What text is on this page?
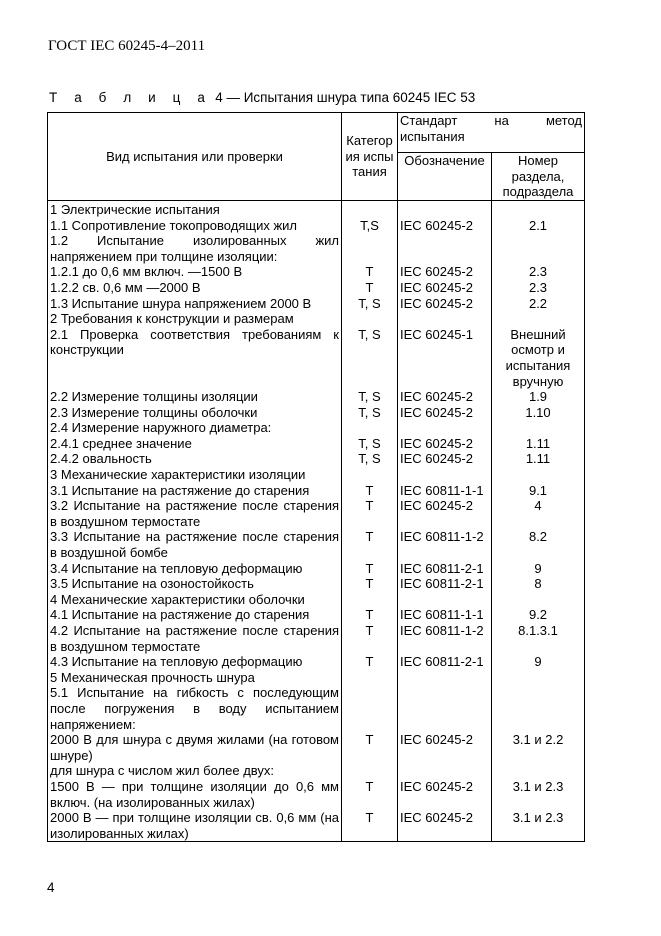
ГОСТ IEC 60245-4–2011
Т а б л и ц а 4 — Испытания шнура типа 60245 IEC 53
Вид испытания или проверки	Категория испытания	Стандарт на метод
испытания	

		Обозначение	Номер раздела, подраздела
1 Электрические испытания			
1.1 Сопротивление токопроводящих жил	T,S	IEC 60245-2	2.1
1.2 Испытание изолированных жил напряжением при толщине изоляции:			
1.2.1 до 0,6 мм включ. —1500 В	T	IEC 60245-2	2.3
1.2.2 св. 0,6 мм —2000 В	T	IEC 60245-2	2.3
1.3 Испытание шнура напряжением 2000 В	T, S	IEC 60245-2	2.2
2 Требования к конструкции и размерам			
2.1 Проверка соответствия требованиям к конструкции	T, S	IEC 60245-1	Внешний осмотр и испытания вручную
2.2 Измерение толщины изоляции	T, S	IEC 60245-2	1.9
2.3 Измерение толщины оболочки	T, S	IEC 60245-2	1.10
2.4 Измерение наружного диаметра:			
2.4.1 среднее значение	T, S	IEC 60245-2	1.11
2.4.2 овальность	T, S	IEC 60245-2	1.11
3 Механические характеристики изоляции			
3.1 Испытание на растяжение до старения	T	IEC 60811-1-1	9.1
3.2 Испытание на растяжение после старения в воздушном термостате	T	IEC 60245-2	4
3.3 Испытание на растяжение после старения в воздушной бомбе	T	IEC 60811-1-2	8.2
3.4 Испытание на тепловую деформацию	T	IEC 60811-2-1	9
3.5 Испытание на озоностойкость	T	IEC 60811-2-1	8
4 Механические характеристики оболочки			
4.1 Испытание на растяжение до старения	T	IEC 60811-1-1	9.2
4.2 Испытание на растяжение после старения в воздушном термостате	T	IEC 60811-1-2	8.1.3.1
4.3 Испытание на тепловую деформацию	T	IEC 60811-2-1	9
5 Механическая прочность шнура			
5.1 Испытание на гибкость с последующим после погружения в воду испытанием напряжением:			
2000 В для шнура с двумя жилами (на готовом шнуре)	T	IEC 60245-2	3.1 и 2.2
для шнура с числом жил более двух:			
1500 В — при толщине изоляции до 0,6 мм включ. (на изолированных жилах)	T	IEC 60245-2	3.1 и 2.3
2000 В — при толщине изоляции св. 0,6 мм (на изолированных жилах)	T	IEC 60245-2	3.1 и 2.3
4
